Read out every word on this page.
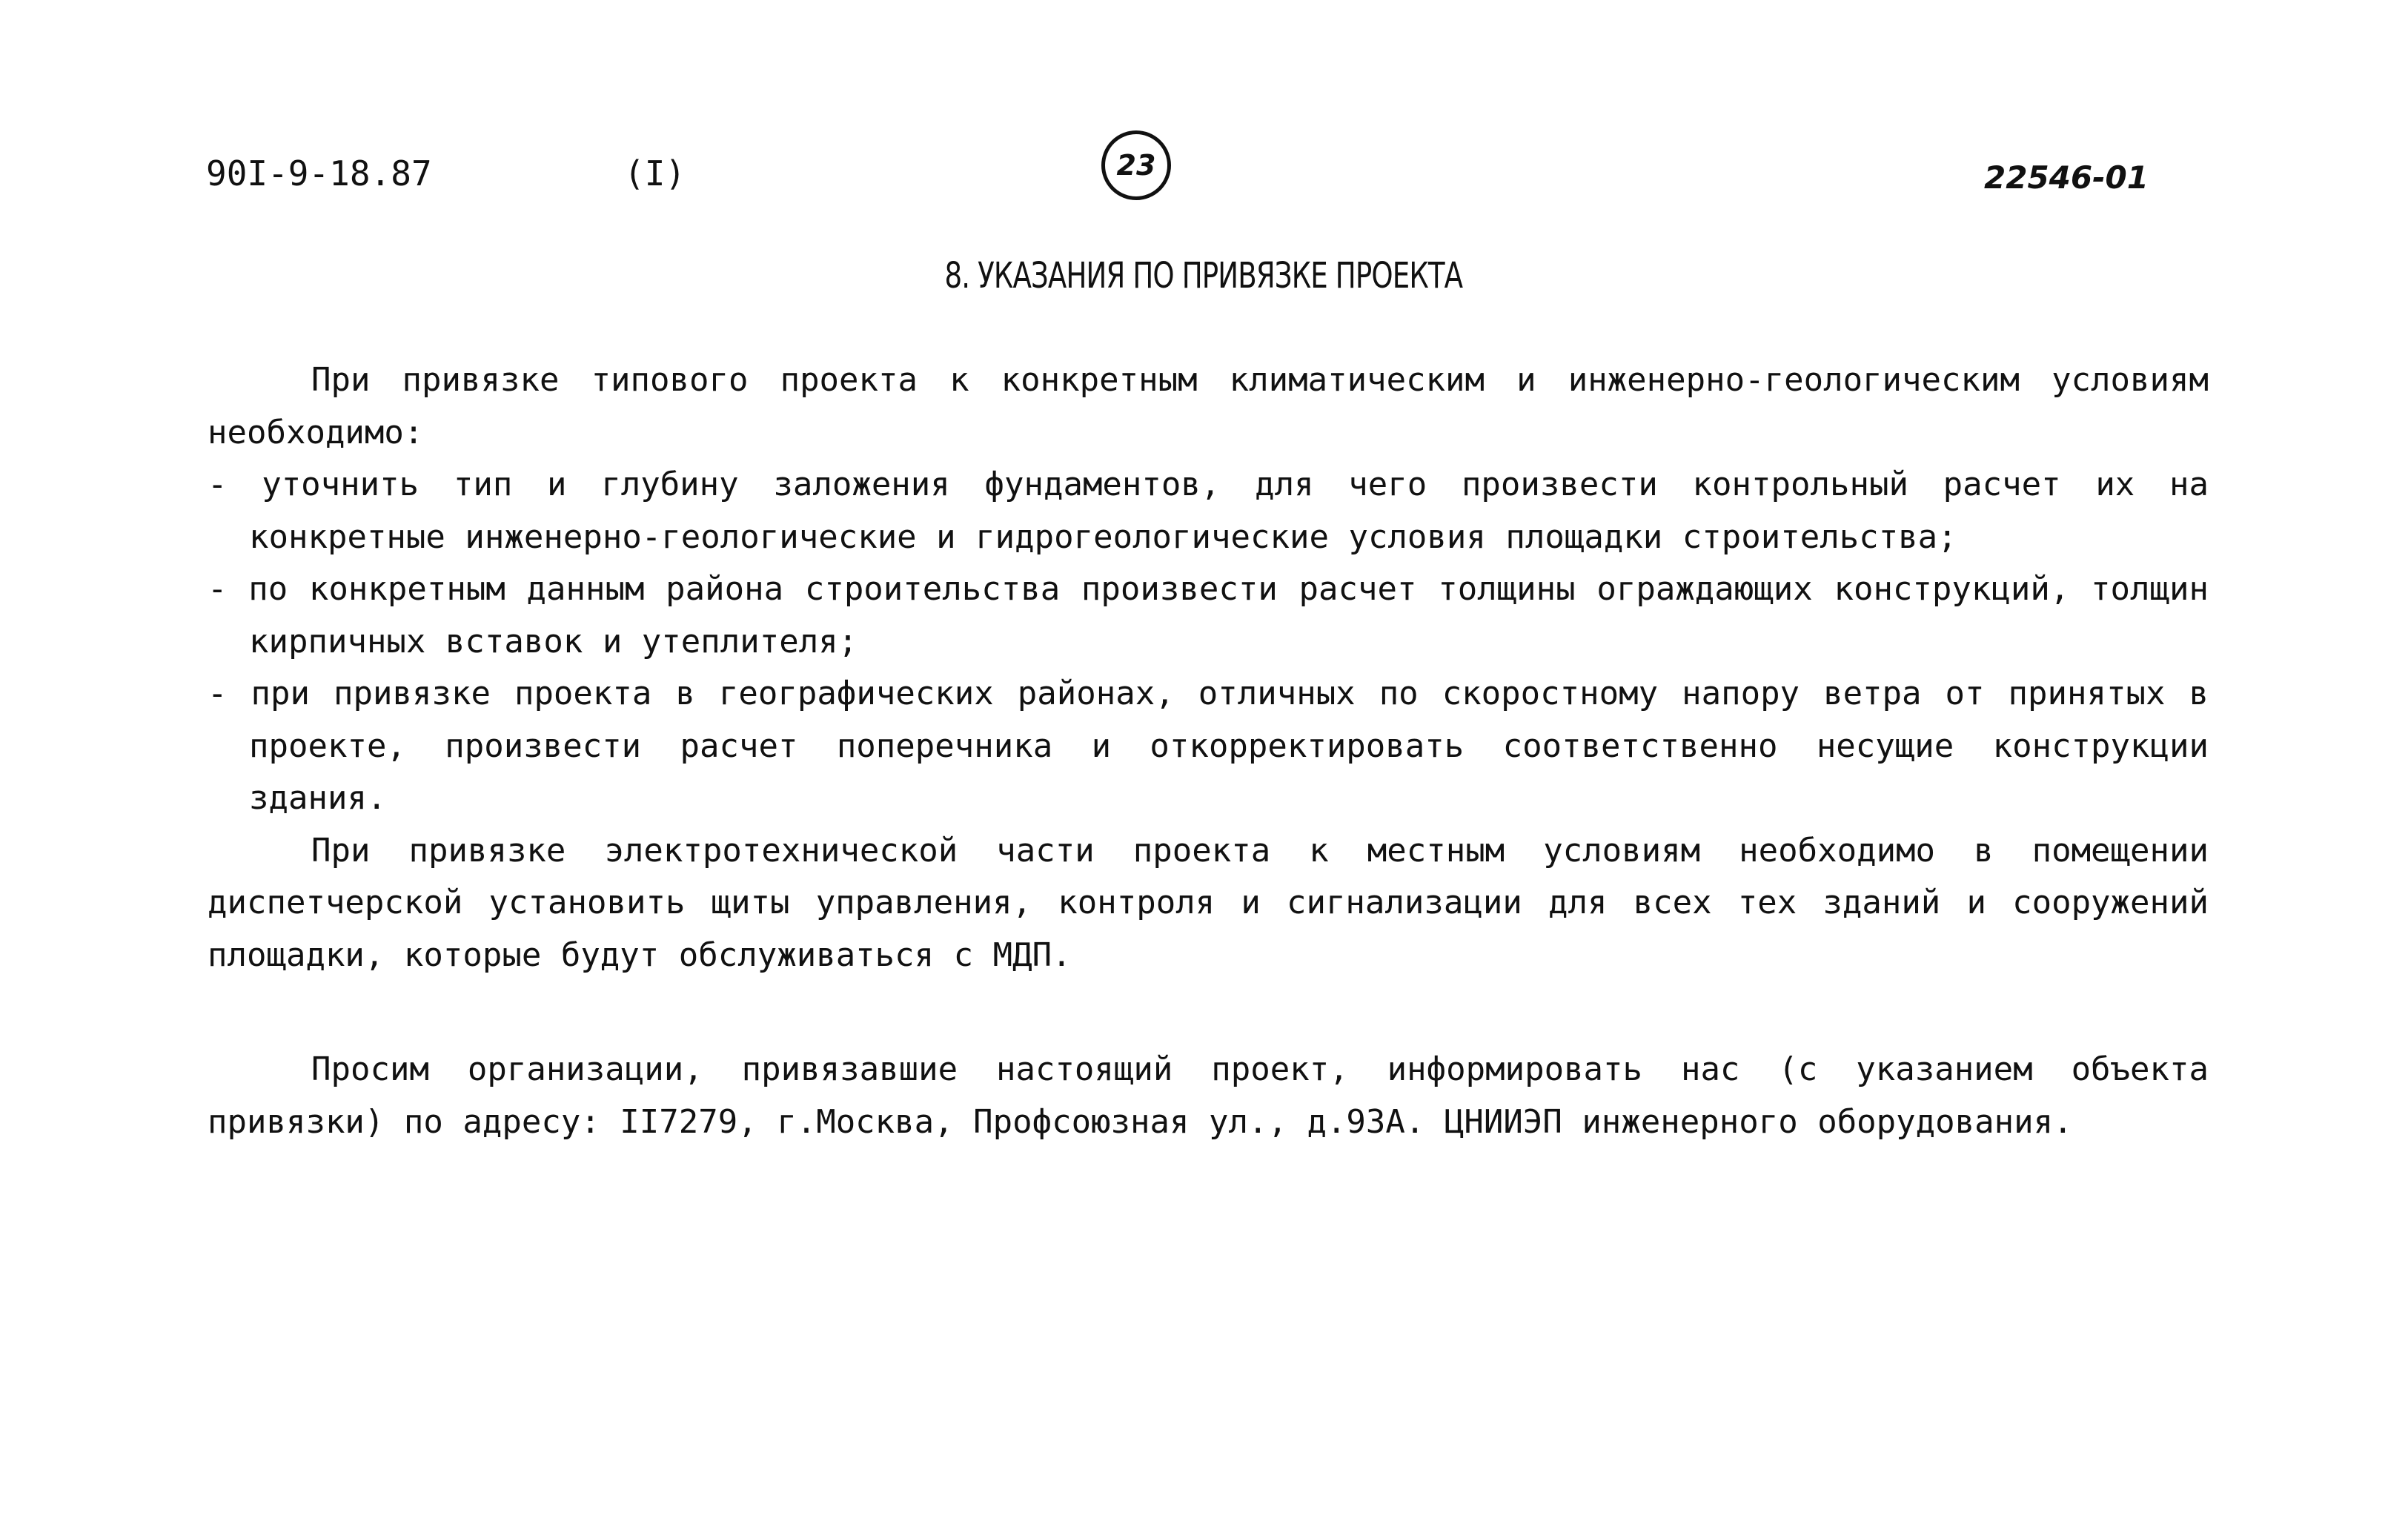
90I-9-18.87	(I)	23	22546-01
8. УКАЗАНИЯ ПО ПРИВЯЗКЕ ПРОЕКТА

При привязке типового проекта к конкретным климатическим и инженерно-геологическим условиям необходимо:

- уточнить тип и глубину заложения фундаментов, для чего произвести контрольный расчет их на конкретные инженерно-геологические и гидрогеологические условия площадки строительства;

- по конкретным данным района строительства произвести расчет толщины ограждающих конструкций, толщин кирпичных вставок и утеплителя;

- при привязке проекта в географических районах, отличных по скоростному напору ветра от принятых в проекте, произвести расчет поперечника и откорректировать соответственно несущие конструкции здания.

При привязке электротехнической части проекта к местным условиям необходимо в помещении диспетчерской установить щиты управления, контроля и сигнализации для всех тех зданий и сооружений площадки, которые будут обслуживаться с МДП.

Просим организации, привязавшие настоящий проект, информировать нас (с указанием объекта привязки) по адресу: II7279, г.Москва, Профсоюзная ул., д.93А. ЦНИИЭП инженерного оборудования.
